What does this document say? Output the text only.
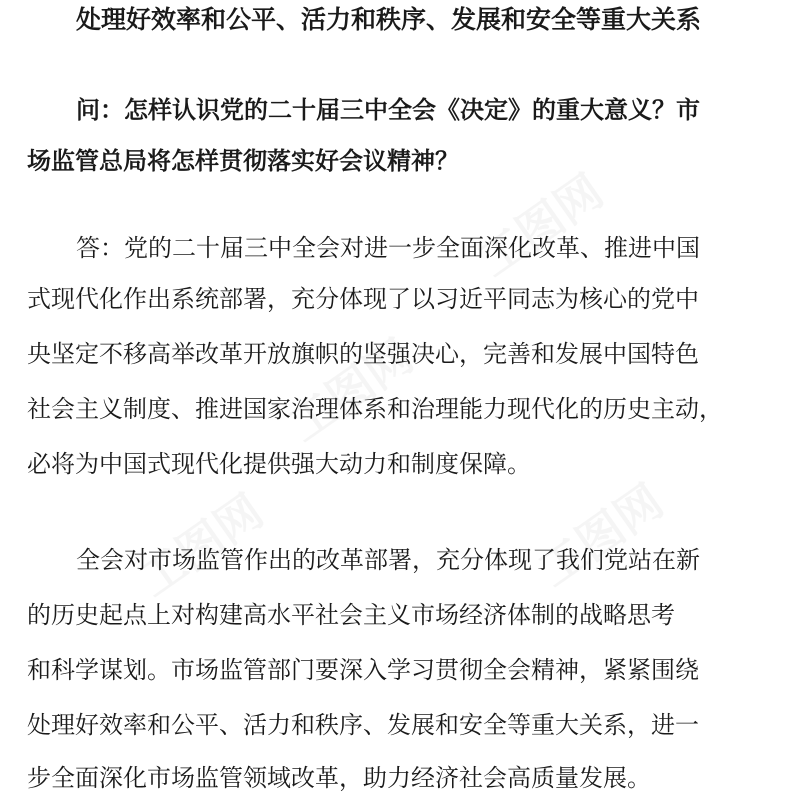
工图网
工图网
工图网	工图网
处理好效率和公平、活力和秩序、发展和安全等重大关系
问：怎样认识党的二十届三中全会《决定》的重大意义？市
场监管总局将怎样贯彻落实好会议精神？
答：党的二十届三中全会对进一步全面深化改革、推进中国
式现代化作出系统部署，充分体现了以习近平同志为核心的党中
央坚定不移高举改革开放旗帜的坚强决心，完善和发展中国特色
社会主义制度、推进国家治理体系和治理能力现代化的历史主动，
必将为中国式现代化提供强大动力和制度保障。
全会对市场监管作出的改革部署，充分体现了我们党站在新
的历史起点上对构建高水平社会主义市场经济体制的战略思考
和科学谋划。市场监管部门要深入学习贯彻全会精神，紧紧围绕
处理好效率和公平、活力和秩序、发展和安全等重大关系，进一
步全面深化市场监管领域改革，助力经济社会高质量发展。
